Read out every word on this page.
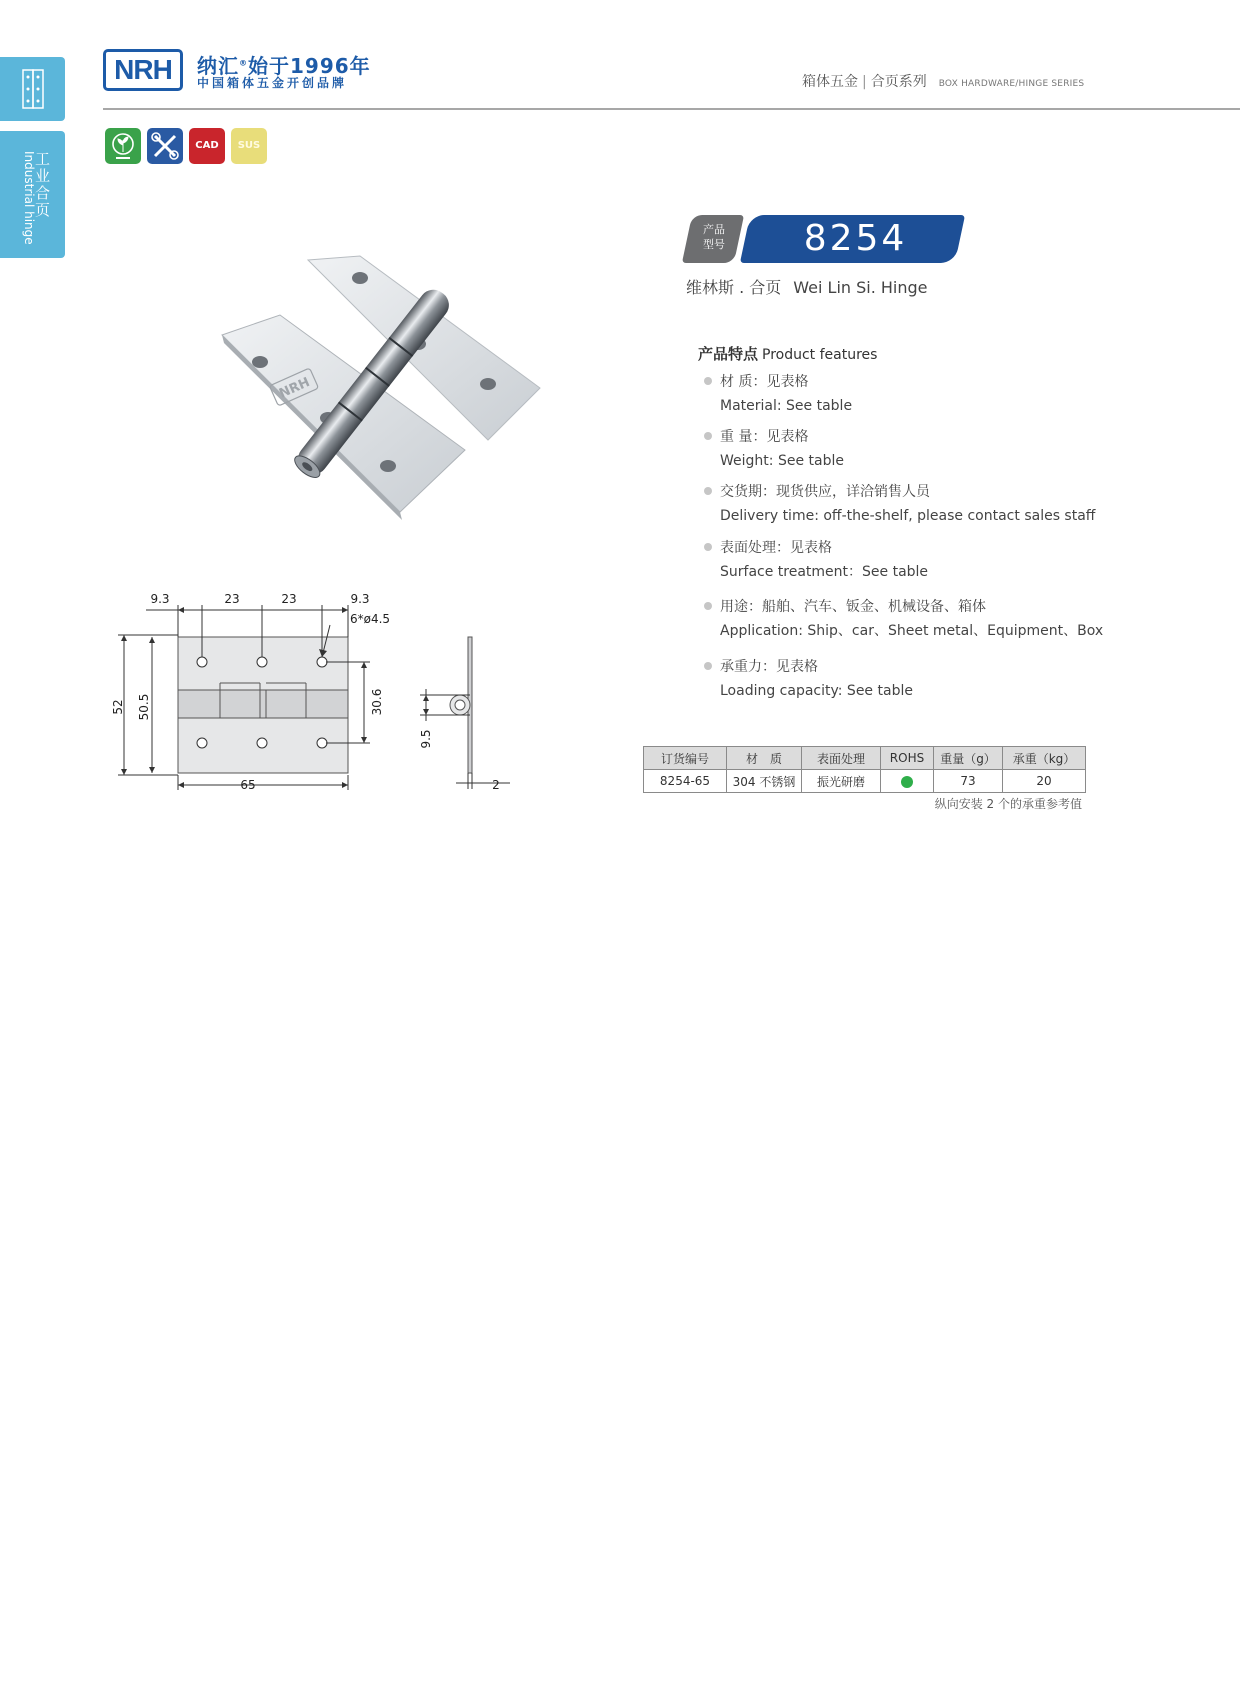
工业合页
Industrial hinge
NRH	纳汇®始于1996年
中国箱体五金开创品牌	箱体五金 | 合页系列 BOX HARDWARE/HINGE SERIES
CAD	SUS
NRH
9.3	23	23	9.3
6*ø4.5
52 50.5	30.6
65
9.5
2
产品
型号	8254
维林斯 . 合页 Wei Lin Si. Hinge
产品特点 Product features
材 质：见表格
Material: See table
重 量：见表格
Weight: See table
交货期：现货供应，详洽销售人员
Delivery time: off-the-shelf, please contact sales staff
表面处理：见表格
Surface treatment：See table
用途：船舶、汽车、钣金、机械设备、箱体
Application: Ship、car、Sheet metal、Equipment、Box
承重力：见表格
Loading capacity: See table
订货编号	材　质	表面处理	ROHS	重量（g）	承重（kg）
8254-65	304 不锈钢	振光研磨		73	20
纵向安装 2 个的承重参考值
